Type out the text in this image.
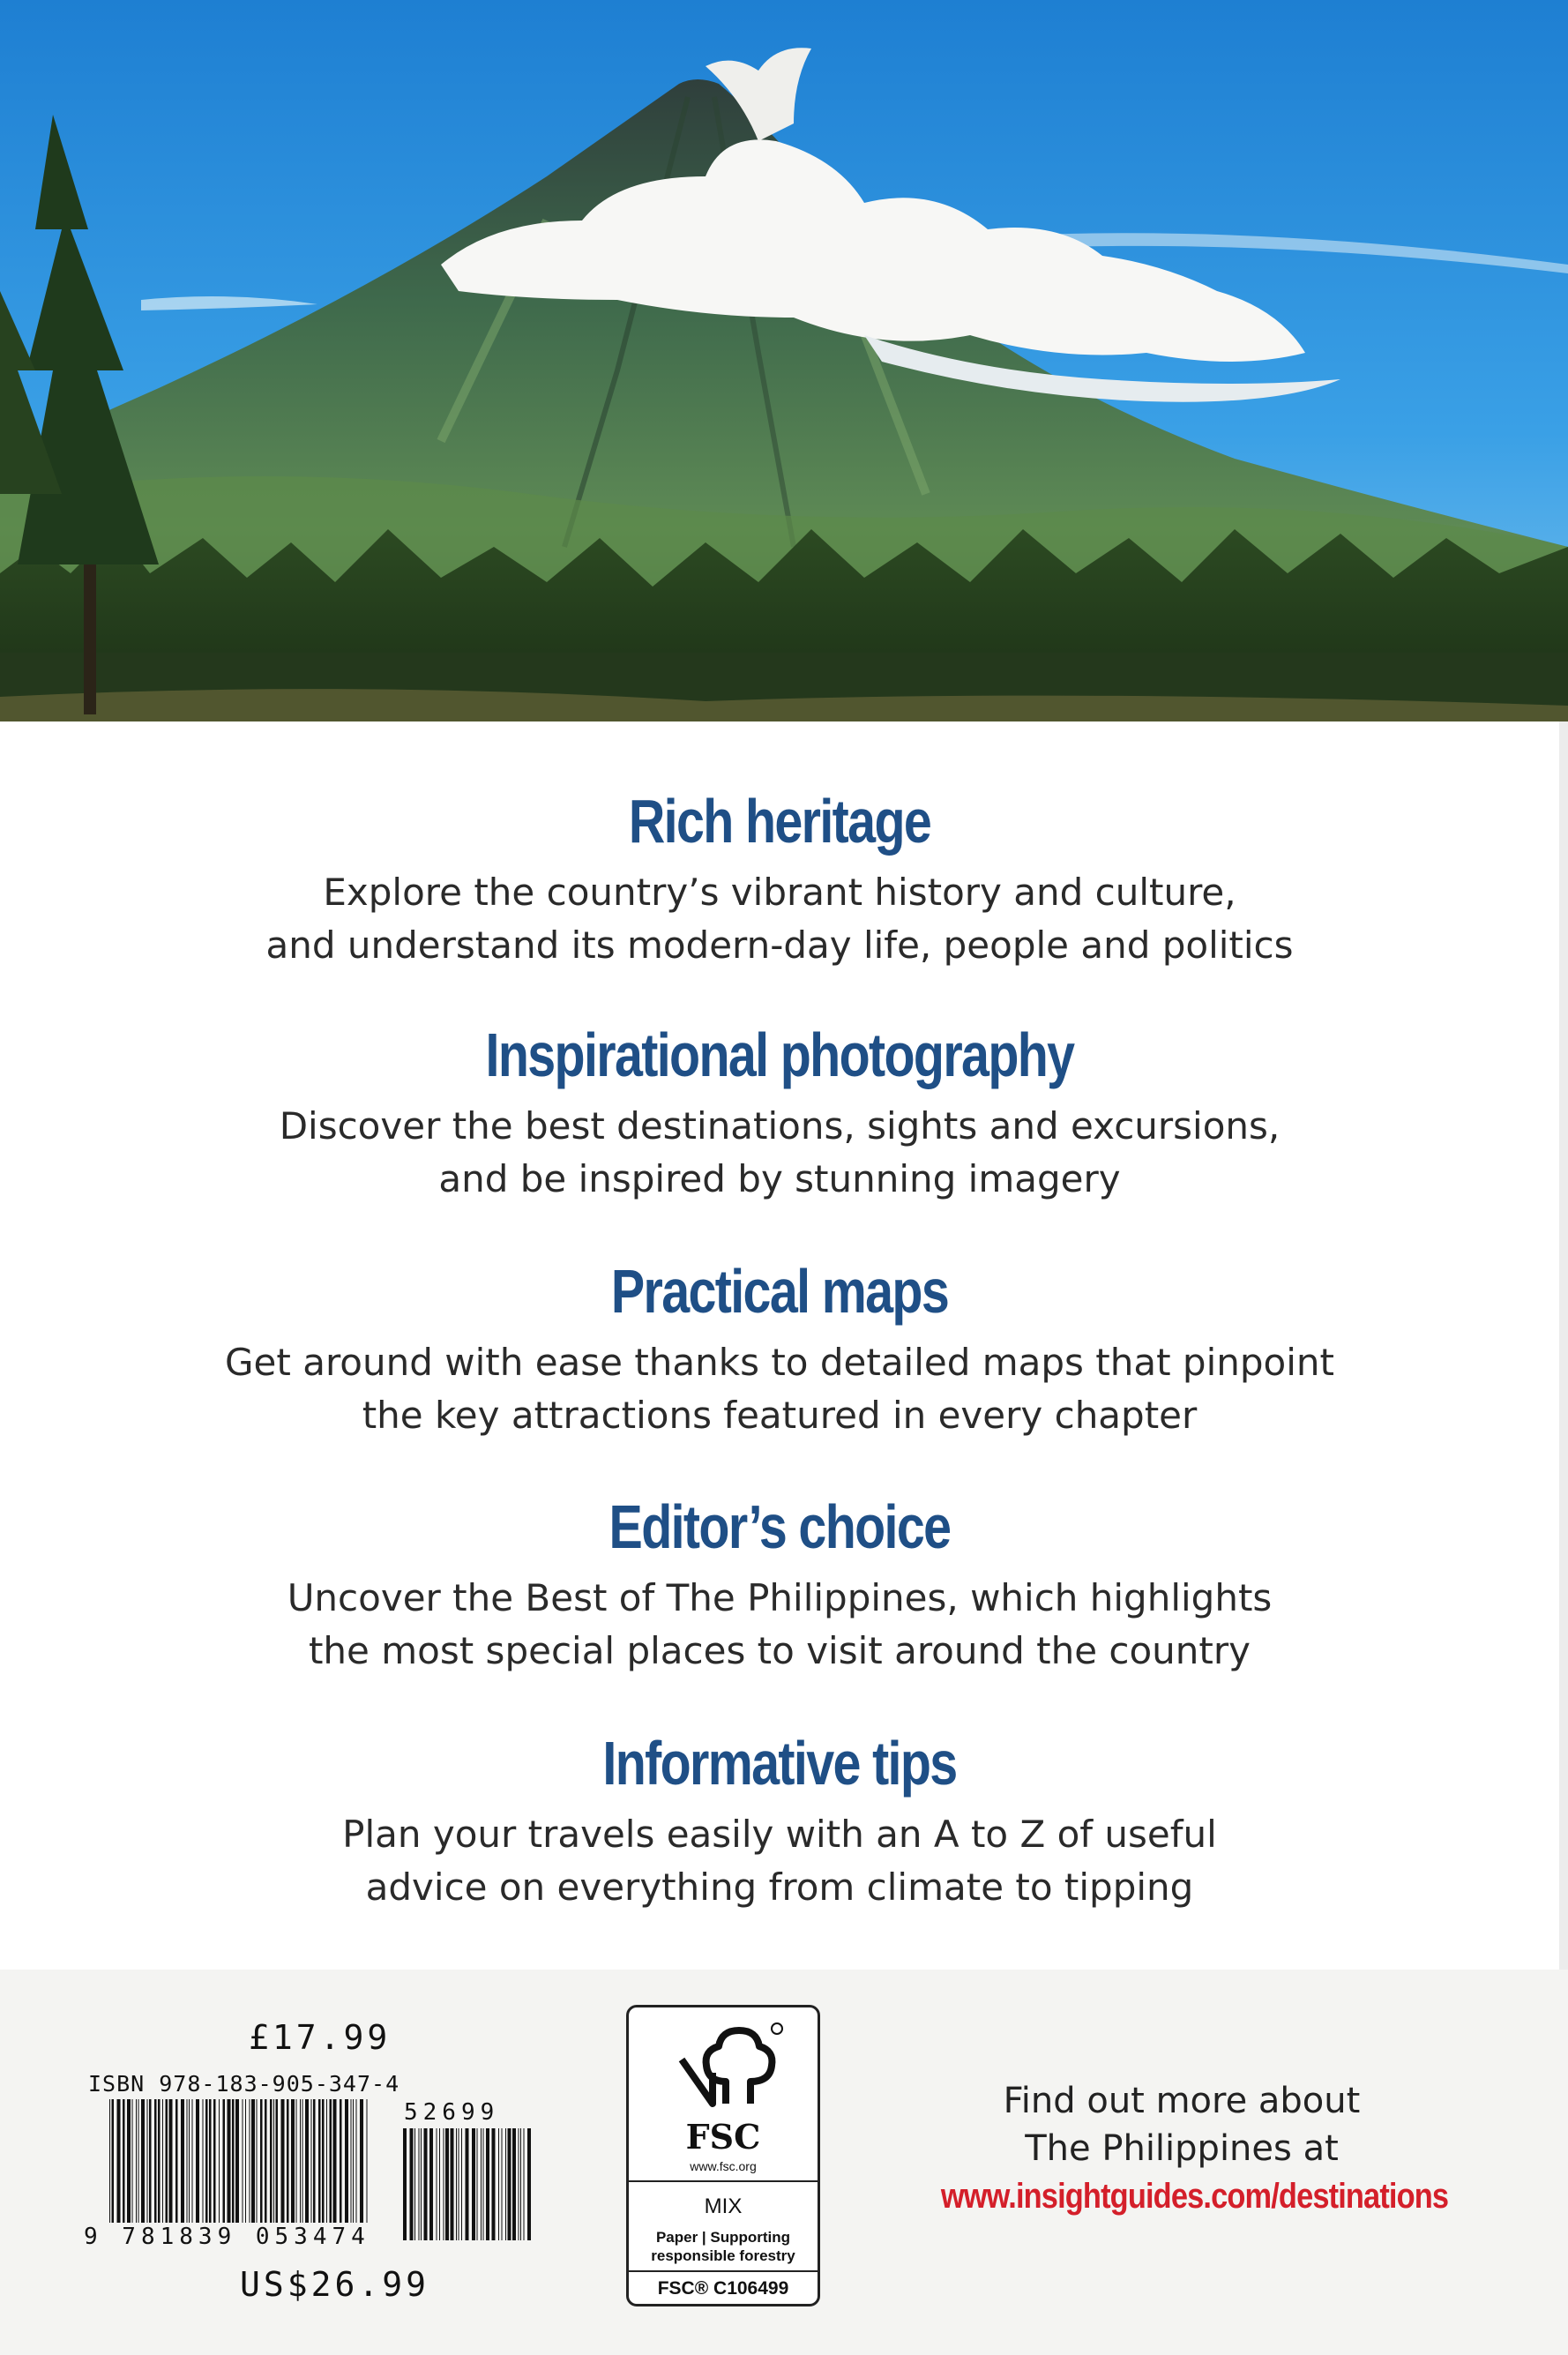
Rich heritage

Explore the country’s vibrant history and culture,
and understand its modern-day life, people and politics

Inspirational photography

Discover the best destinations, sights and excursions,
and be inspired by stunning imagery

Practical maps

Get around with ease thanks to detailed maps that pinpoint
the key attractions featured in every chapter

Editor’s choice

Uncover the Best of The Philippines, which highlights
the most special places to visit around the country

Informative tips

Plan your travels easily with an A to Z of useful
advice on everything from climate to tipping

£17.99
ISBN 978-183-905-347-4
9 781839 053474
52699
US$26.99
FSC
www.fsc.org
MIX
Paper | Supporting
responsible forestry
FSC® C106499
Find out more about
The Philippines at
www.insightguides.com/destinations
